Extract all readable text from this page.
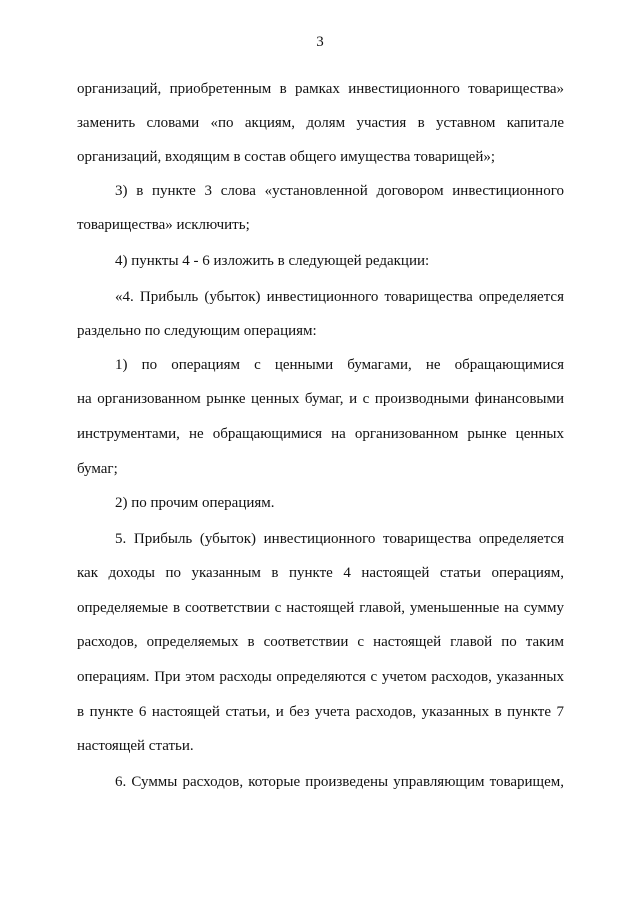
3
организаций, приобретенным в рамках инвестиционного товарищества»
заменить словами «по акциям, долям участия в уставном капитале
организаций, входящим в состав общего имущества товарищей»;
3) в пункте 3 слова «установленной договором инвестиционного
товарищества» исключить;
4) пункты 4 - 6 изложить в следующей редакции:
«4. Прибыль (убыток) инвестиционного товарищества определяется
раздельно по следующим операциям:
1) по операциям с ценными бумагами, не обращающимися
на организованном рынке ценных бумаг, и с производными финансовыми
инструментами, не обращающимися на организованном рынке ценных
бумаг;
2) по прочим операциям.
5. Прибыль (убыток) инвестиционного товарищества определяется
как доходы по указанным в пункте 4 настоящей статьи операциям,
определяемые в соответствии с настоящей главой, уменьшенные на сумму
расходов, определяемых в соответствии с настоящей главой по таким
операциям. При этом расходы определяются с учетом расходов, указанных
в пункте 6 настоящей статьи, и без учета расходов, указанных в пункте 7
настоящей статьи.
6. Суммы расходов, которые произведены управляющим товарищем,
